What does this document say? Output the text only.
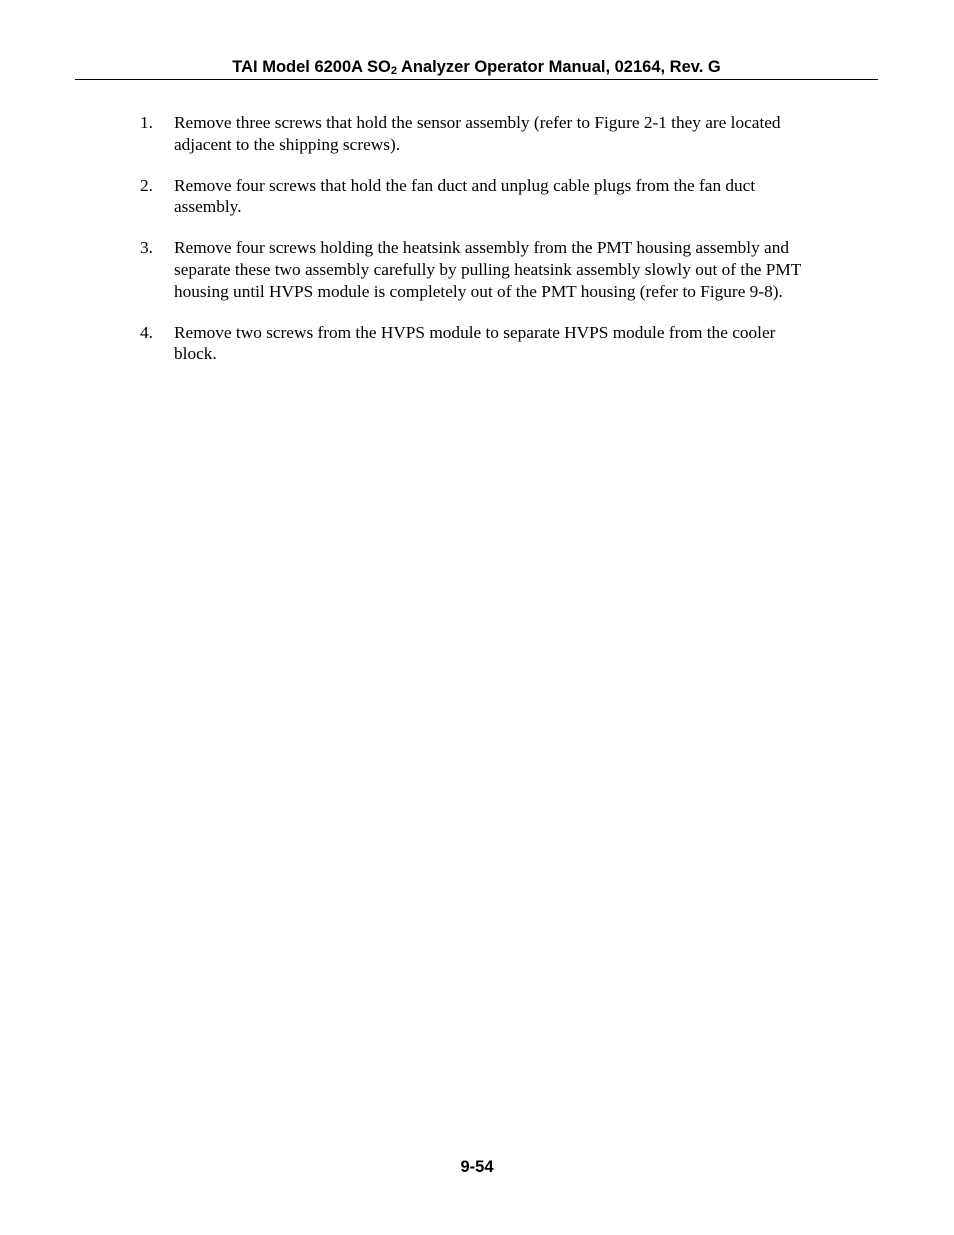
TAI Model 6200A $SO_2$ Analyzer Operator Manual, 02164, Rev. G
1. Remove three screws that hold the sensor assembly (refer to Figure 2-1 they are located
adjacent to the shipping screws).
2. Remove four screws that hold the fan duct and unplug cable plugs from the fan duct
assembly.
3. Remove four screws holding the heatsink assembly from the PMT housing assembly and
separate these two assembly carefully by pulling heatsink assembly slowly out of the PMT
housing until HVPS module is completely out of the PMT housing (refer to Figure 9-8).
4. Remove two screws from the HVPS module to separate HVPS module from the cooler
block.
9-54
